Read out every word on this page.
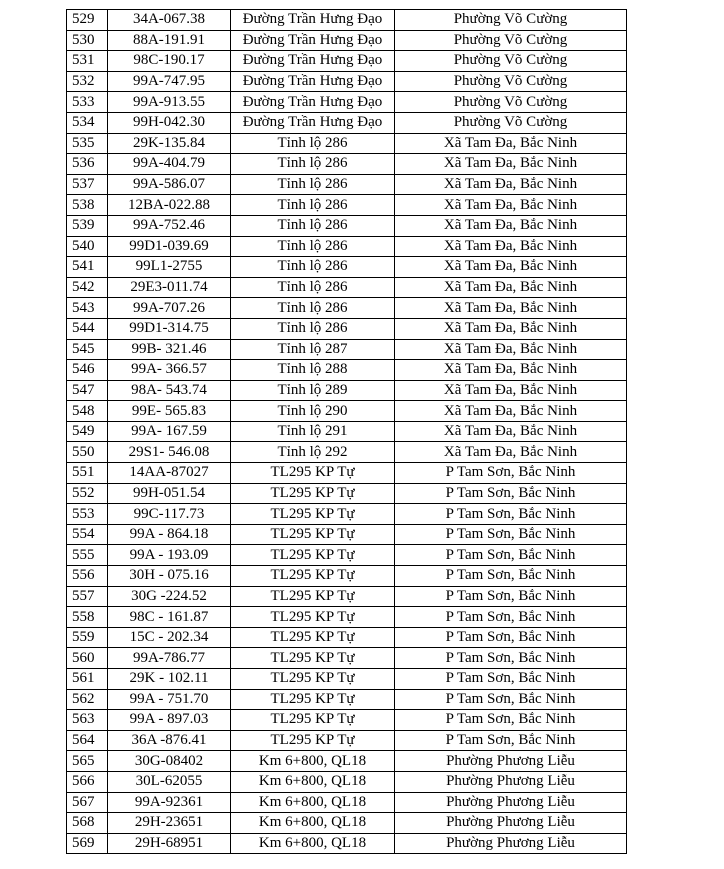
529	34A-067.38	Đường Trần Hưng Đạo	Phường Võ Cường
530	88A-191.91	Đường Trần Hưng Đạo	Phường Võ Cường
531	98C-190.17	Đường Trần Hưng Đạo	Phường Võ Cường
532	99A-747.95	Đường Trần Hưng Đạo	Phường Võ Cường
533	99A-913.55	Đường Trần Hưng Đạo	Phường Võ Cường
534	99H-042.30	Đường Trần Hưng Đạo	Phường Võ Cường
535	29K-135.84	Tỉnh lộ 286	Xã Tam Đa, Bắc Ninh
536	99A-404.79	Tỉnh lộ 286	Xã Tam Đa, Bắc Ninh
537	99A-586.07	Tỉnh lộ 286	Xã Tam Đa, Bắc Ninh
538	12BA-022.88	Tỉnh lộ 286	Xã Tam Đa, Bắc Ninh
539	99A-752.46	Tỉnh lộ 286	Xã Tam Đa, Bắc Ninh
540	99D1-039.69	Tỉnh lộ 286	Xã Tam Đa, Bắc Ninh
541	99L1-2755	Tỉnh lộ 286	Xã Tam Đa, Bắc Ninh
542	29E3-011.74	Tỉnh lộ 286	Xã Tam Đa, Bắc Ninh
543	99A-707.26	Tỉnh lộ 286	Xã Tam Đa, Bắc Ninh
544	99D1-314.75	Tỉnh lộ 286	Xã Tam Đa, Bắc Ninh
545	99B- 321.46	Tỉnh lộ 287	Xã Tam Đa, Bắc Ninh
546	99A- 366.57	Tỉnh lộ 288	Xã Tam Đa, Bắc Ninh
547	98A- 543.74	Tỉnh lộ 289	Xã Tam Đa, Bắc Ninh
548	99E- 565.83	Tỉnh lộ 290	Xã Tam Đa, Bắc Ninh
549	99A- 167.59	Tỉnh lộ 291	Xã Tam Đa, Bắc Ninh
550	29S1- 546.08	Tỉnh lộ 292	Xã Tam Đa, Bắc Ninh
551	14AA-87027	TL295 KP Tự	P Tam Sơn, Bắc Ninh
552	99H-051.54	TL295 KP Tự	P Tam Sơn, Bắc Ninh
553	99C-117.73	TL295 KP Tự	P Tam Sơn, Bắc Ninh
554	99A - 864.18	TL295 KP Tự	P Tam Sơn, Bắc Ninh
555	99A - 193.09	TL295 KP Tự	P Tam Sơn, Bắc Ninh
556	30H - 075.16	TL295 KP Tự	P Tam Sơn, Bắc Ninh
557	30G -224.52	TL295 KP Tự	P Tam Sơn, Bắc Ninh
558	98C - 161.87	TL295 KP Tự	P Tam Sơn, Bắc Ninh
559	15C - 202.34	TL295 KP Tự	P Tam Sơn, Bắc Ninh
560	99A-786.77	TL295 KP Tự	P Tam Sơn, Bắc Ninh
561	29K - 102.11	TL295 KP Tự	P Tam Sơn, Bắc Ninh
562	99A - 751.70	TL295 KP Tự	P Tam Sơn, Bắc Ninh
563	99A - 897.03	TL295 KP Tự	P Tam Sơn, Bắc Ninh
564	36A -876.41	TL295 KP Tự	P Tam Sơn, Bắc Ninh
565	30G-08402	Km 6+800, QL18	Phường Phương Liễu
566	30L-62055	Km 6+800, QL18	Phường Phương Liễu
567	99A-92361	Km 6+800, QL18	Phường Phương Liễu
568	29H-23651	Km 6+800, QL18	Phường Phương Liễu
569	29H-68951	Km 6+800, QL18	Phường Phương Liễu
